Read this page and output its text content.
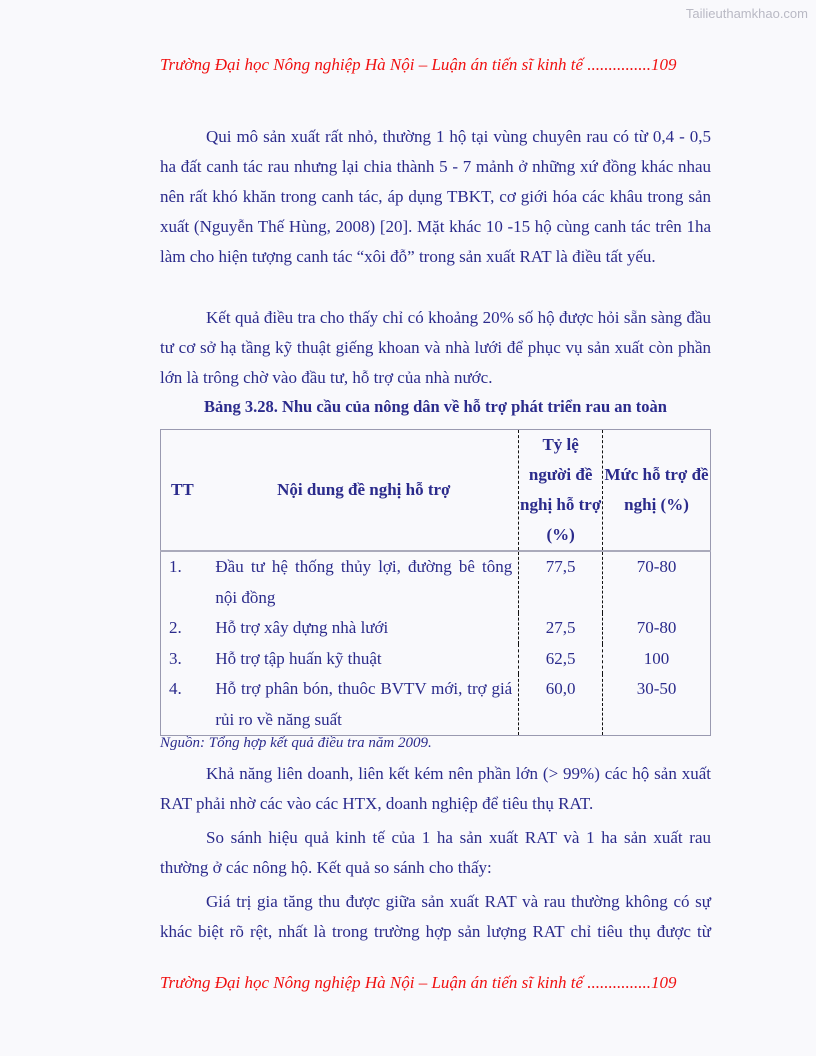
Tailieuthamkhao.com
Trường Đại học Nông nghiệp Hà Nội – Luận án tiến sĩ kinh tế ...............109
Qui mô sản xuất rất nhỏ, thường 1 hộ tại vùng chuyên rau có từ 0,4 - 0,5 ha đất canh tác rau nhưng lại chia thành 5 - 7 mảnh ở những xứ đồng khác nhau nên rất khó khăn trong canh tác, áp dụng TBKT, cơ giới hóa các khâu trong sản xuất (Nguyễn Thế Hùng, 2008) [20]. Mặt khác 10 -15 hộ cùng canh tác trên 1ha làm cho hiện tượng canh tác “xôi đỗ” trong sản xuất RAT là điều tất yếu.
Kết quả điều tra cho thấy chỉ có khoảng 20% số hộ được hỏi sẵn sàng đầu tư cơ sở hạ tầng kỹ thuật giếng khoan và nhà lưới để phục vụ sản xuất còn phần lớn là trông chờ vào đầu tư, hỗ trợ của nhà nước.
Bảng 3.28. Nhu cầu của nông dân về hỗ trợ phát triển rau an toàn
TT	Nội dung đề nghị hỗ trợ	Tỷ lệ người đề nghị hỗ trợ (%)	Mức hỗ trợ đề nghị (%)
1.	Đầu tư hệ thống thủy lợi, đường bê tông nội đồng	77,5	70-80
2.	Hỗ trợ xây dựng nhà lưới	27,5	70-80
3.	Hỗ trợ tập huấn kỹ thuật	62,5	100
4.	Hỗ trợ phân bón, thuôc BVTV mới, trợ giá rủi ro về năng suất	60,0	30-50
Nguồn: Tổng hợp kết quả điều tra năm 2009.
Khả năng liên doanh, liên kết kém nên phần lớn (> 99%) các hộ sản xuất RAT phải nhờ các vào các HTX, doanh nghiệp để tiêu thụ RAT.
So sánh hiệu quả kinh tế của 1 ha sản xuất RAT và 1 ha sản xuất rau thường ở các nông hộ. Kết quả so sánh cho thấy:
Giá trị gia tăng thu được giữa sản xuất RAT và rau thường không có sự khác biệt rõ rệt, nhất là trong trường hợp sản lượng RAT chỉ tiêu thụ được từ
Trường Đại học Nông nghiệp Hà Nội – Luận án tiến sĩ kinh tế ...............109
